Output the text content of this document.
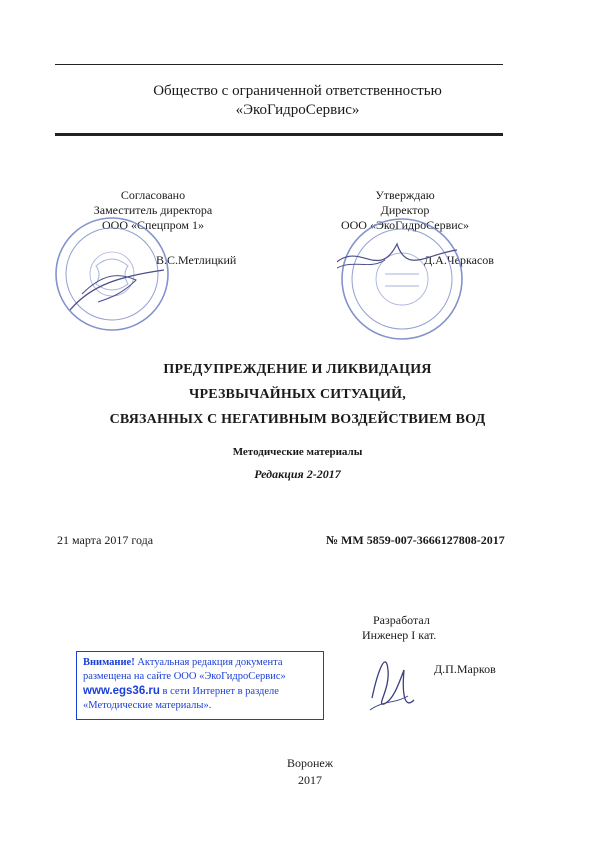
Общество с ограниченной ответственностью
«ЭкоГидроСервис»
Согласовано
Заместитель директора
ООО «Спецпром 1»
В.С.Метлицкий
Утверждаю
Директор
ООО «ЭкоГидроСервис»
Д.А.Черкасов
ПРЕДУПРЕЖДЕНИЕ И ЛИКВИДАЦИЯ
ЧРЕЗВЫЧАЙНЫХ СИТУАЦИЙ,
СВЯЗАННЫХ С НЕГАТИВНЫМ ВОЗДЕЙСТВИЕМ ВОД
Методические материалы
Редакция 2-2017
21 марта 2017 года	№ ММ 5859-007-3666127808-2017
Разработал
Инженер I кат.
Д.П.Марков
Внимание! Актуальная редакция документа размещена на сайте ООО «ЭкоГидроСервис» www.egs36.ru в сети Интернет в разделе «Методические материалы».
Воронеж
2017
